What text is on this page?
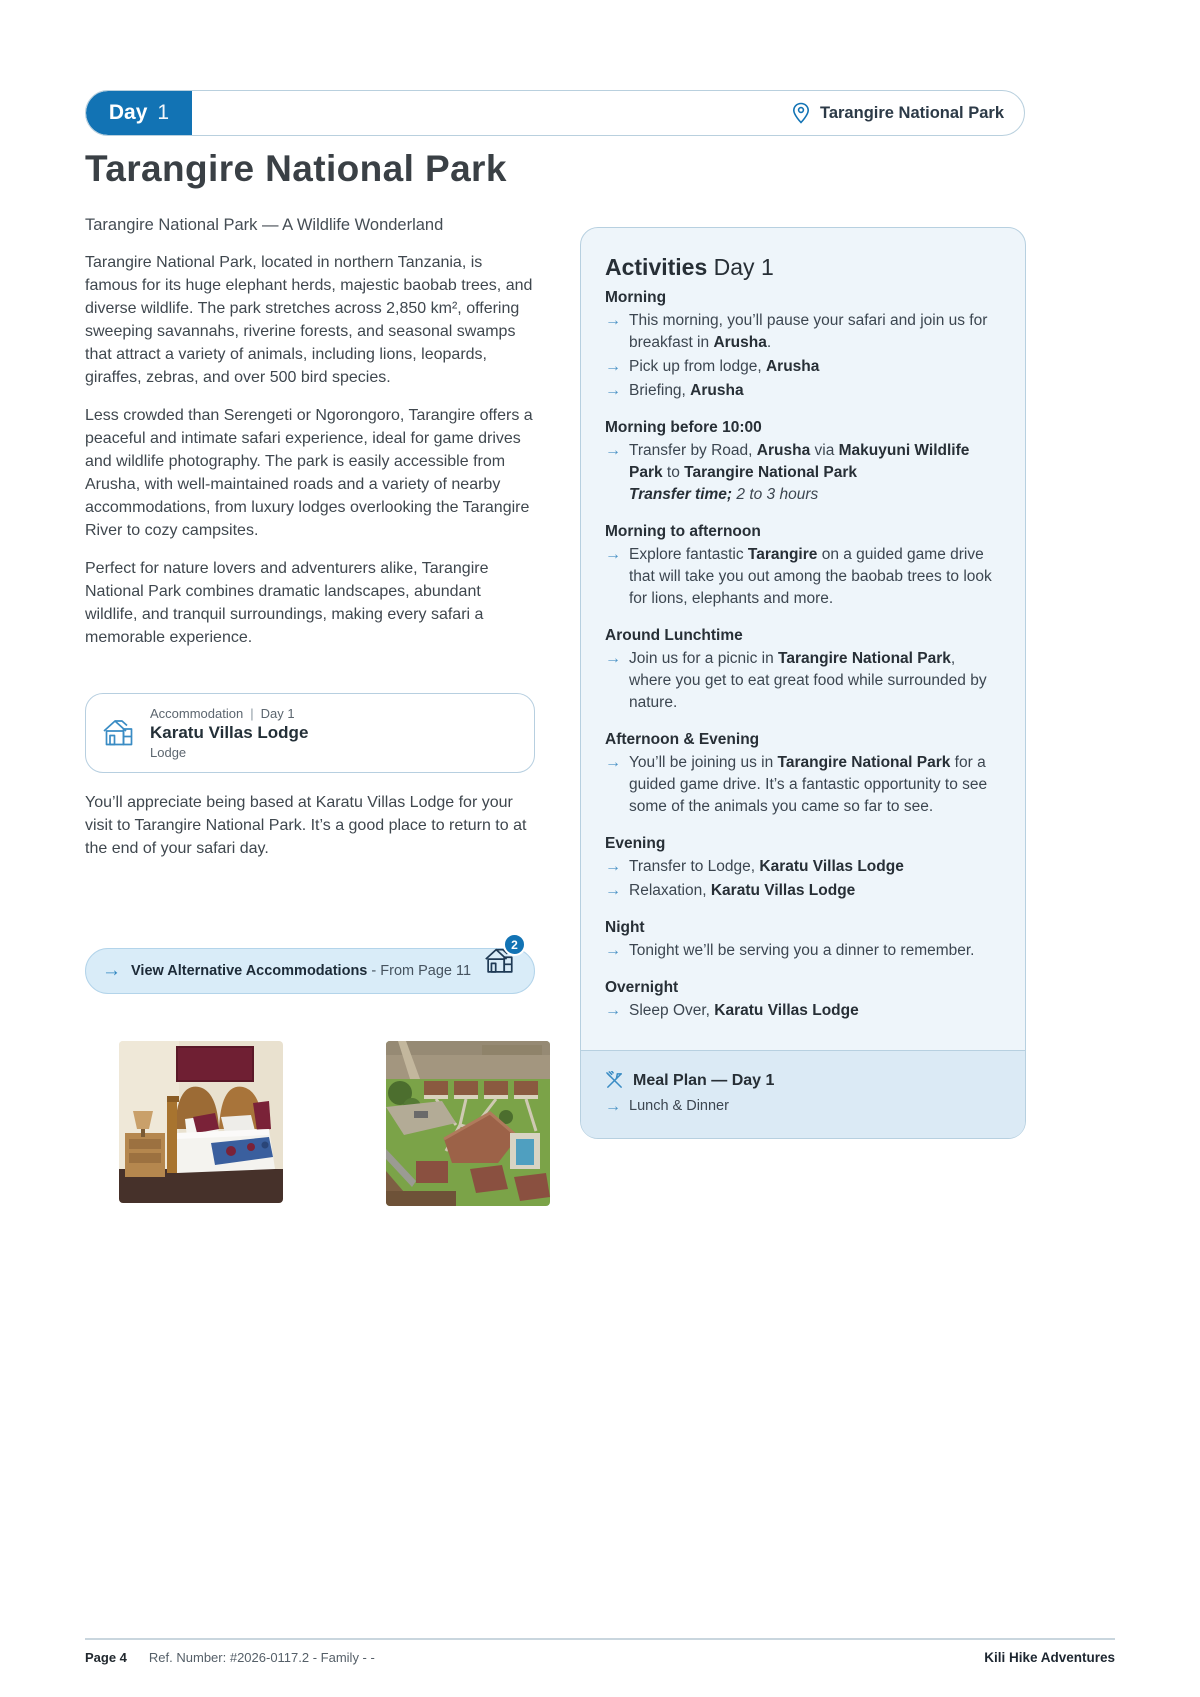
Day 1	Tarangire National Park
Tarangire National Park
Tarangire National Park — A Wildlife Wonderland

Tarangire National Park, located in northern Tanzania, is famous for its huge elephant herds, majestic baobab trees, and diverse wildlife. The park stretches across 2,850 km², offering sweeping savannahs, riverine forests, and seasonal swamps that attract a variety of animals, including lions, leopards, giraffes, zebras, and over 500 bird species.

Less crowded than Serengeti or Ngorongoro, Tarangire offers a peaceful and intimate safari experience, ideal for game drives and wildlife photography. The park is easily accessible from Arusha, with well-maintained roads and a variety of nearby accommodations, from luxury lodges overlooking the Tarangire River to cozy campsites.

Perfect for nature lovers and adventurers alike, Tarangire National Park combines dramatic landscapes, abundant wildlife, and tranquil surroundings, making every safari a memorable experience.

Accommodation | Day 1
Karatu Villas Lodge
Lodge

You’ll appreciate being based at Karatu Villas Lodge for your visit to Tarangire National Park. It’s a good place to return to at the end of your safari day.

→ View Alternative Accommodations - From Page 11
2
Activities Day 1
Morning
→ This morning, you’ll pause your safari and join us for breakfast in Arusha.
→ Pick up from lodge, Arusha
→ Briefing, Arusha
Morning before 10:00
→ Transfer by Road, Arusha via Makuyuni Wildlife Park to Tarangire National Park
Transfer time; 2 to 3 hours
Morning to afternoon
→ Explore fantastic Tarangire on a guided game drive that will take you out among the baobab trees to look for lions, elephants and more.
Around Lunchtime
→ Join us for a picnic in Tarangire National Park, where you get to eat great food while surrounded by nature.
Afternoon & Evening
→ You’ll be joining us in Tarangire National Park for a guided game drive. It’s a fantastic opportunity to see some of the animals you came so far to see.
Evening
→ Transfer to Lodge, Karatu Villas Lodge
→ Relaxation, Karatu Villas Lodge
Night
→ Tonight we’ll be serving you a dinner to remember.
Overnight
→ Sleep Over, Karatu Villas Lodge
Meal Plan — Day 1
→ Lunch & Dinner
Page 4 Ref. Number: #2026-0117.2 - Family - -	Kili Hike Adventures
